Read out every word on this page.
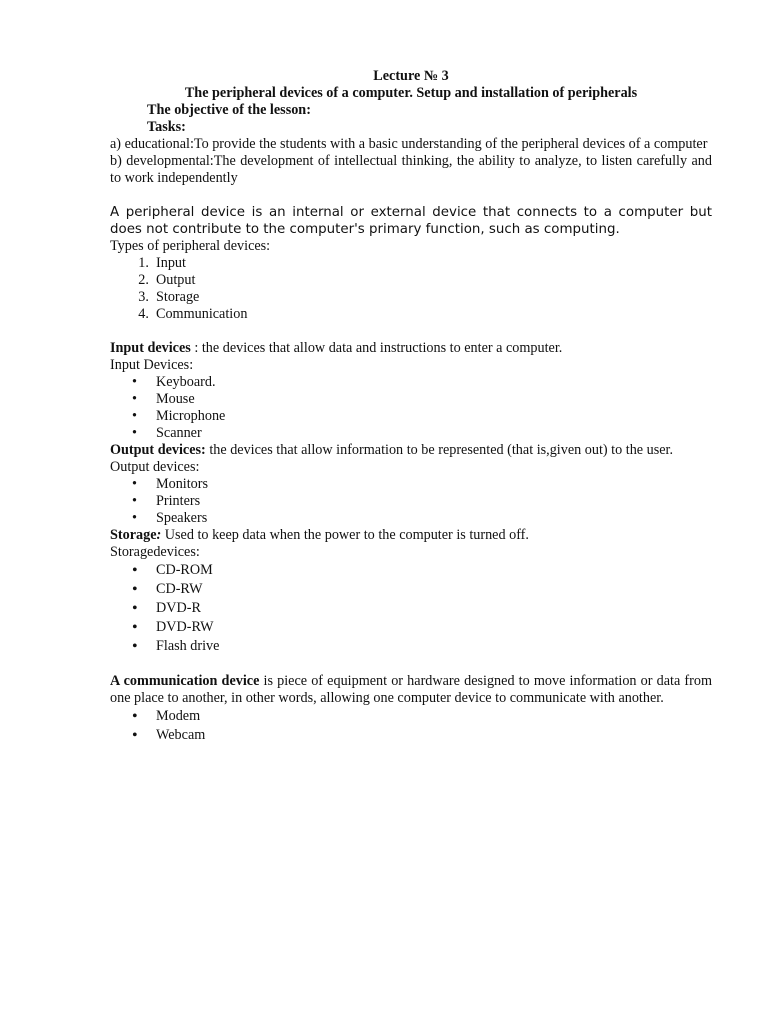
Lecture № 3
The peripheral devices of a computer. Setup and installation of peripherals
The objective of the lesson:
Tasks:
a) educational:To provide the students with a basic understanding of the peripheral devices of a computer
b) developmental:The development of intellectual thinking, the ability to analyze, to listen carefully and to work independently
A peripheral device is an internal or external device that connects to a computer but does not contribute to the computer's primary function, such as computing.
Types of peripheral devices:
1. Input
2. Output
3. Storage
4. Communication
Input devices : the devices that allow data and instructions to enter a computer.
Input Devices:
•	Keyboard.
•	Mouse
•	Microphone
•	Scanner
Output devices: the devices that allow information to be represented (that is,given out) to the user.
Output devices:
•	Monitors
•	Printers
•	Speakers
Storage: Used to keep data when the power to the computer is turned off.
Storagedevices:
•	CD-ROM
•	CD-RW
•	DVD-R
•	DVD-RW
•	Flash drive
A communication device is piece of equipment or hardware designed to move information or data from one place to another, in other words, allowing one computer device to communicate with another.
•	Modem
•	Webcam
